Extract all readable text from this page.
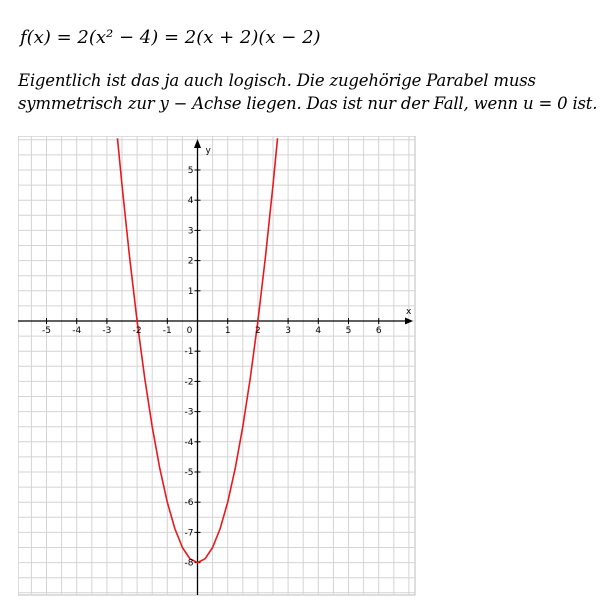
f(x) = 2(x² − 4) = 2(x + 2)(x − 2)
Eigentlich ist das ja auch logisch. Die zugehörige Parabel muss
symmetrisch zur y − Achse liegen. Das ist nur der Fall, wenn u = 0 ist.
x
y
-5 -4 -3 -2 -1 0	1	2	3	4	5	6
-8
-7
-6
-5
-4
-3
-2
-1
1
2
3
4
5
